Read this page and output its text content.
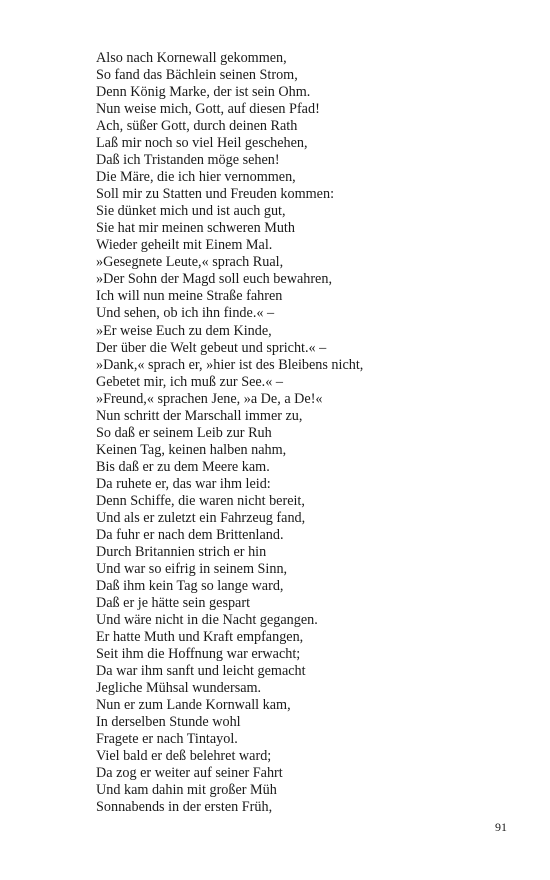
Also nach Kornewall gekommen,
So fand das Bächlein seinen Strom,
Denn König Marke, der ist sein Ohm.
Nun weise mich, Gott, auf diesen Pfad!
Ach, süßer Gott, durch deinen Rath
Laß mir noch so viel Heil geschehen,
Daß ich Tristanden möge sehen!
Die Märe, die ich hier vernommen,
Soll mir zu Statten und Freuden kommen:
Sie dünket mich und ist auch gut,
Sie hat mir meinen schweren Muth
Wieder geheilt mit Einem Mal.
»Gesegnete Leute,« sprach Rual,
»Der Sohn der Magd soll euch bewahren,
Ich will nun meine Straße fahren
Und sehen, ob ich ihn finde.« –
»Er weise Euch zu dem Kinde,
Der über die Welt gebeut und spricht.« –
»Dank,« sprach er, »hier ist des Bleibens nicht,
Gebetet mir, ich muß zur See.« –
»Freund,« sprachen Jene, »a De, a De!«
Nun schritt der Marschall immer zu,
So daß er seinem Leib zur Ruh
Keinen Tag, keinen halben nahm,
Bis daß er zu dem Meere kam.
Da ruhete er, das war ihm leid:
Denn Schiffe, die waren nicht bereit,
Und als er zuletzt ein Fahrzeug fand,
Da fuhr er nach dem Brittenland.
Durch Britannien strich er hin
Und war so eifrig in seinem Sinn,
Daß ihm kein Tag so lange ward,
Daß er je hätte sein gespart
Und wäre nicht in die Nacht gegangen.
Er hatte Muth und Kraft empfangen,
Seit ihm die Hoffnung war erwacht;
Da war ihm sanft und leicht gemacht
Jegliche Mühsal wundersam.
Nun er zum Lande Kornwall kam,
In derselben Stunde wohl
Fragete er nach Tintayol.
Viel bald er deß belehret ward;
Da zog er weiter auf seiner Fahrt
Und kam dahin mit großer Müh
Sonnabends in der ersten Früh,
91
